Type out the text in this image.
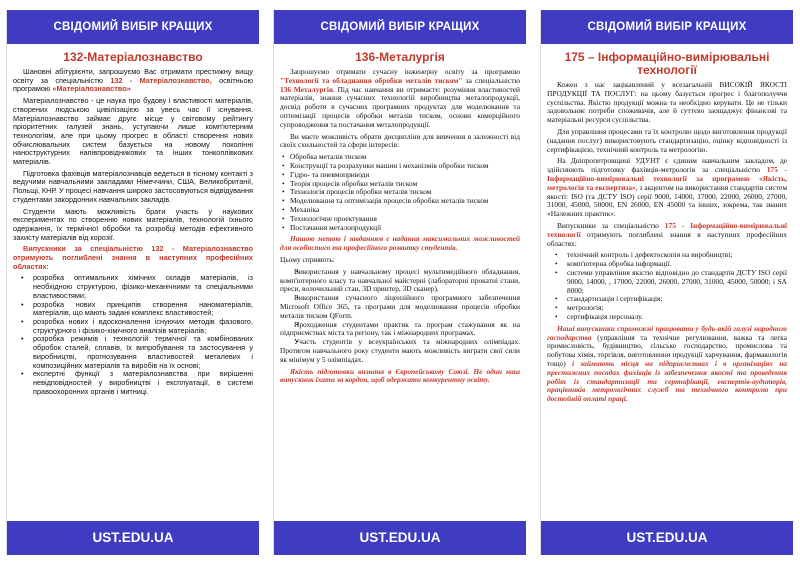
СВІДОМИЙ ВИБІР КРАЩИХ
132-Матеріалознавство

Шановні абітурієнти, запрошуємо Вас отримати престижну вищу освіту за спеціальністю 132 - Матеріалознавство, освітньою програмою «Матеріалознавство»

Матеріалознавство - це наука про будову і властивості матеріалів, створених людською цивілізацією за увесь час її існування. Матеріалознавство займає другє місце у світовому рейтингу пріоритетних галузей знань, уступаючи лише комп'ютерним технологіям, але при цьому прогрес в області створення нових обчислювальних систем базується на новому поколінні наноструктурних напівпровідникових та інших тонкоплівкових матеріалів.

Підготовка фахівців матеріалознавців ведеться в тісному контакті з ведучими навчальними закладами Німеччини, США, Великобританії, Польщі, КНР. У процесі навчання широко застосовуються відвідування студентами закордонних навчальних закладів.

Студенти мають можливість брати участь у наукових експериментах по створенню нових матеріалів, технологій їхнього одержання, їх термічної обробки та розробці методів ефективного захисту матеріалів від корозії.

Випускники за спеціальністю 132 - Матеріалознавство отримують поглиблені знання в наступних професійних областях:

• розробка оптимальних хімічних складів матеріалів, із необхідною структурою, фізико-механічними та спеціальними властивостями;
• розробка нових принципів створення наноматеріалів, матеріалів, що мають задані комплекс властивостей;
• розробка нових і вдосконалення існуючих методів фазового, структурного і фізико-хімічного аналізів матеріалів;
• розробка режимів і технологій термічної та комбінованих обробок сталей, сплавів, їх випробування та застосування у виробництві, прогнозування властивостей металевих і композиційних матеріалів та виробів на їх основі;
• експертні функції з матеріалознавства при вирішенні невідповідностей у виробництві і експлуатації, в системі правоохоронних органів і митниці.
UST.EDU.UA
СВІДОМИЙ ВИБІР КРАЩИХ
136-Металургія

Запрошуємо отримати сучасну інженерну освіту за програмою "Технології та обладнання обробки металів тиском" за спеціальністю 136 Металургія. Під час навчання ви отримаєте: розуміння властивостей матеріалів, знання сучасних технологій виробництва металопродукції, досвід роботи в сучасних програмних продуктах для моделювання та оптимізації процесів обробки металів тиском, основи комерційного супроводження та постачання металопродукції.

Ви маєте можливість обрати дисципліни для вивчення в залежності від своїх схильностей та сфери інтересів:

• Обробка металів тиском
• Конструкції та розрахунки машин і механізмів обробки тиском
• Гідро- та пневмоприводи
• Теорія процесів обробки металів тиском
• Технологія процесів обробки металів тиском
• Моделювання та оптимізація процесів обробки металів тиском
• Механіка
• Технологічне проектування
• Постачання металопродукції

Нашою метою і завданням є надання максимальних можливостей для особистого та професійного розвитку студентів.

Цьому сприяють:

• Використання у навчальному процесі мультимедійного обладнання, комп'ютерного класу та навчальної майстерні (лабораторні прокатні стани, преси, волочильний стан, 3D принтер, 3D сканер).
• Використання сучасного ліцензійного програмного забезпечення Microsoft Office 365, та програми для моделювання процесів обробки металів тиском QForm.
• Проходження студентами практик та програм стажування як на підприємствах міста та регіону, так і міжнародних програмах.
• Участь студентів у всеукраїнських та міжнародних олімпіадах. Протягом навчального року студенти мають можливість виграти свої сили як мінімум у 5 олімпіадах.

Якість підготовки визнана в Європейському Союзі. Не один наш випускник їхати за кордон, щоб одержати конкурентну освіту.

UST.EDU.UA
СВІДОМИЙ ВИБІР КРАЩИХ
175 – Інформаційно-вимірювальні технології

Кожен з нас зацікавлений у всезагальній ВИСОКІЙ ЯКОСТІ ПРОДУКЦІЇ ТА ПОСЛУГ: на цьому базується прогрес і благополуччя суспільства. Якістю продукції можна та необхідно керувати. Це не тільки задовольняє потреби споживачів, але й суттєво заощаджує фінансові та матеріальні ресурси суспільства.

Для управління процесами та їх контролю щодо виготовлення продукції (надання послуг) використовують стандартизацію, оцінку відповідності із сертифікацією, технічний контроль та метрологію.

На Дніпропетровщині УДУНТ є єдиним навчальним закладом, де здійснюють підготовку фахівців-метрологів за спеціальністю 175 - Інформаційно-вимірювальні технології за програмою «Якість, метрологія та експертиза», з акцентом на використання стандартів систем якості: ISO (та ДСТУ ISO) серії 9000, 14000, 17000, 22000, 26000, 27000, 31000, 45000, 50000, EN 26000, EN 45000 та інших, зокрема, так званих «Належних практик».

Випускники за спеціальністю 175 - Інформаційно-вимірювальні технології отримують поглиблені знання в наступних професійних областях:

• технічний контроль і дефектоскопія на виробництві;
• комп'ютерна обробка інформації.
• системи управління якістю відповідно до стандартів ДСТУ ISO серії 9000, 14000, , 17000, 22000, 26000, 27000, 31000, 45000, 50000; і SA 8000;
• стандартизація і сертифікація;
• метрологія;
• сертифікація персоналу.

Наші випускники спроможні працювати у будь-якій галузі народного господарства (управління та технічне регулювання, важка та легка промисловість, будівництво, сільське господарство, промислова та побутова хімія, торгівля, виготовлення продукції харчування, фармакологія тощо) і займають місця на підприємствах і в організаціях на престижних посадах фахівців із забезпечення якості та проведення робіт із стандартизації та сертифікації, експертів-аудиторів, працівників метрологічних служб та технічного контролю при достойній оплаті праці.

UST.EDU.UA
